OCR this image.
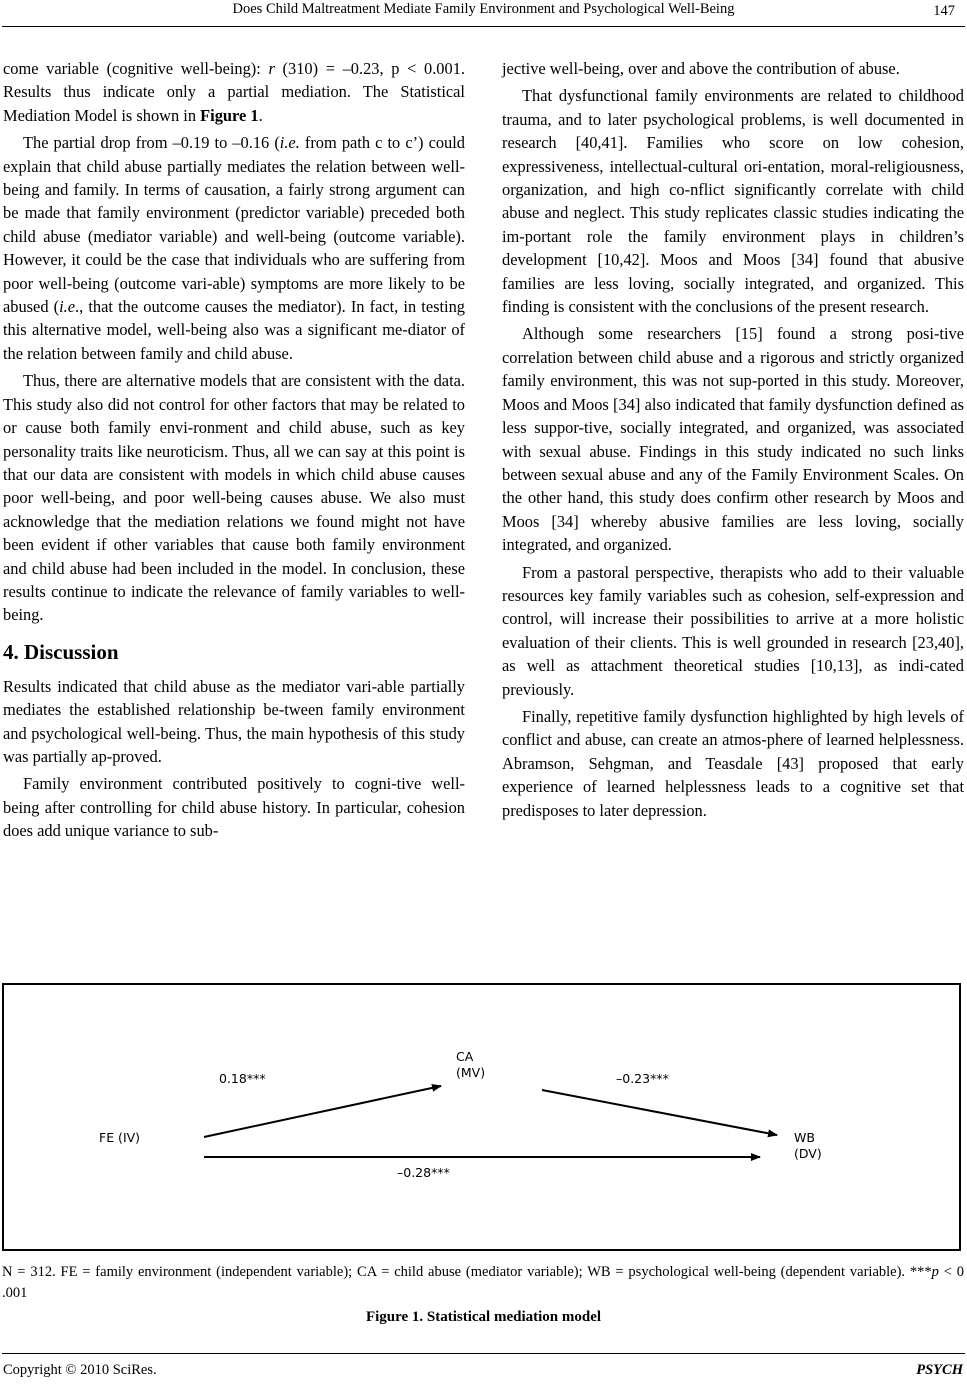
Does Child Maltreatment Mediate Family Environment and Psychological Well-Being	147

come variable (cognitive well-being): r (310) = –0.23, p < 0.001. Results thus indicate only a partial mediation. The Statistical Mediation Model is shown in Figure 1.

The partial drop from –0.19 to –0.16 (i.e. from path c to c’) could explain that child abuse partially mediates the relation between well-being and family. In terms of causation, a fairly strong argument can be made that family environment (predictor variable) preceded both child abuse (mediator variable) and well-being (outcome variable). However, it could be the case that individuals who are suffering from poor well-being (outcome vari-able) symptoms are more likely to be abused (i.e., that the outcome causes the mediator). In fact, in testing this alternative model, well-being also was a significant me-diator of the relation between family and child abuse.

Thus, there are alternative models that are consistent with the data. This study also did not control for other factors that may be related to or cause both family envi-ronment and child abuse, such as key personality traits like neuroticism. Thus, all we can say at this point is that our data are consistent with models in which child abuse causes poor well-being, and poor well-being causes abuse. We also must acknowledge that the mediation relations we found might not have been evident if other variables that cause both family environment and child abuse had been included in the model. In conclusion, these results continue to indicate the relevance of family variables to well-being.

4. Discussion

Results indicated that child abuse as the mediator vari-able partially mediates the established relationship be-tween family environment and psychological well-being. Thus, the main hypothesis of this study was partially ap-proved.

Family environment contributed positively to cogni-tive well-being after controlling for child abuse history. In particular, cohesion does add unique variance to sub-

jective well-being, over and above the contribution of abuse.

That dysfunctional family environments are related to childhood trauma, and to later psychological problems, is well documented in research [40,41]. Families who score on low cohesion, expressiveness, intellectual-cultural ori-entation, moral-religiousness, organization, and high co-nflict significantly correlate with child abuse and neglect. This study replicates classic studies indicating the im-portant role the family environment plays in children’s development [10,42]. Moos and Moos [34] found that abusive families are less loving, socially integrated, and organized. This finding is consistent with the conclusions of the present research.

Although some researchers [15] found a strong posi-tive correlation between child abuse and a rigorous and strictly organized family environment, this was not sup-ported in this study. Moreover, Moos and Moos [34] also indicated that family dysfunction defined as less suppor-tive, socially integrated, and organized, was associated with sexual abuse. Findings in this study indicated no such links between sexual abuse and any of the Family Environment Scales. On the other hand, this study does confirm other research by Moos and Moos [34] whereby abusive families are less loving, socially integrated, and organized.

From a pastoral perspective, therapists who add to their valuable resources key family variables such as cohesion, self-expression and control, will increase their possibilities to arrive at a more holistic evaluation of their clients. This is well grounded in research [23,40], as well as attachment theoretical studies [10,13], as indi-cated previously.

Finally, repetitive family dysfunction highlighted by high levels of conflict and abuse, can create an atmos-phere of learned helplessness. Abramson, Sehgman, and Teasdale [43] proposed that early experience of learned helplessness leads to a cognitive set that predisposes to later depression.

FE (IV)
CA
(MV)
WB
(DV)
0.18***	–0.23***
–0.28***
N = 312. FE = family environment (independent variable); CA = child abuse (mediator variable); WB = psychological well-being (dependent variable). ***p < 0 .001
Figure 1. Statistical mediation model
Copyright © 2010 SciRes.	PSYCH
